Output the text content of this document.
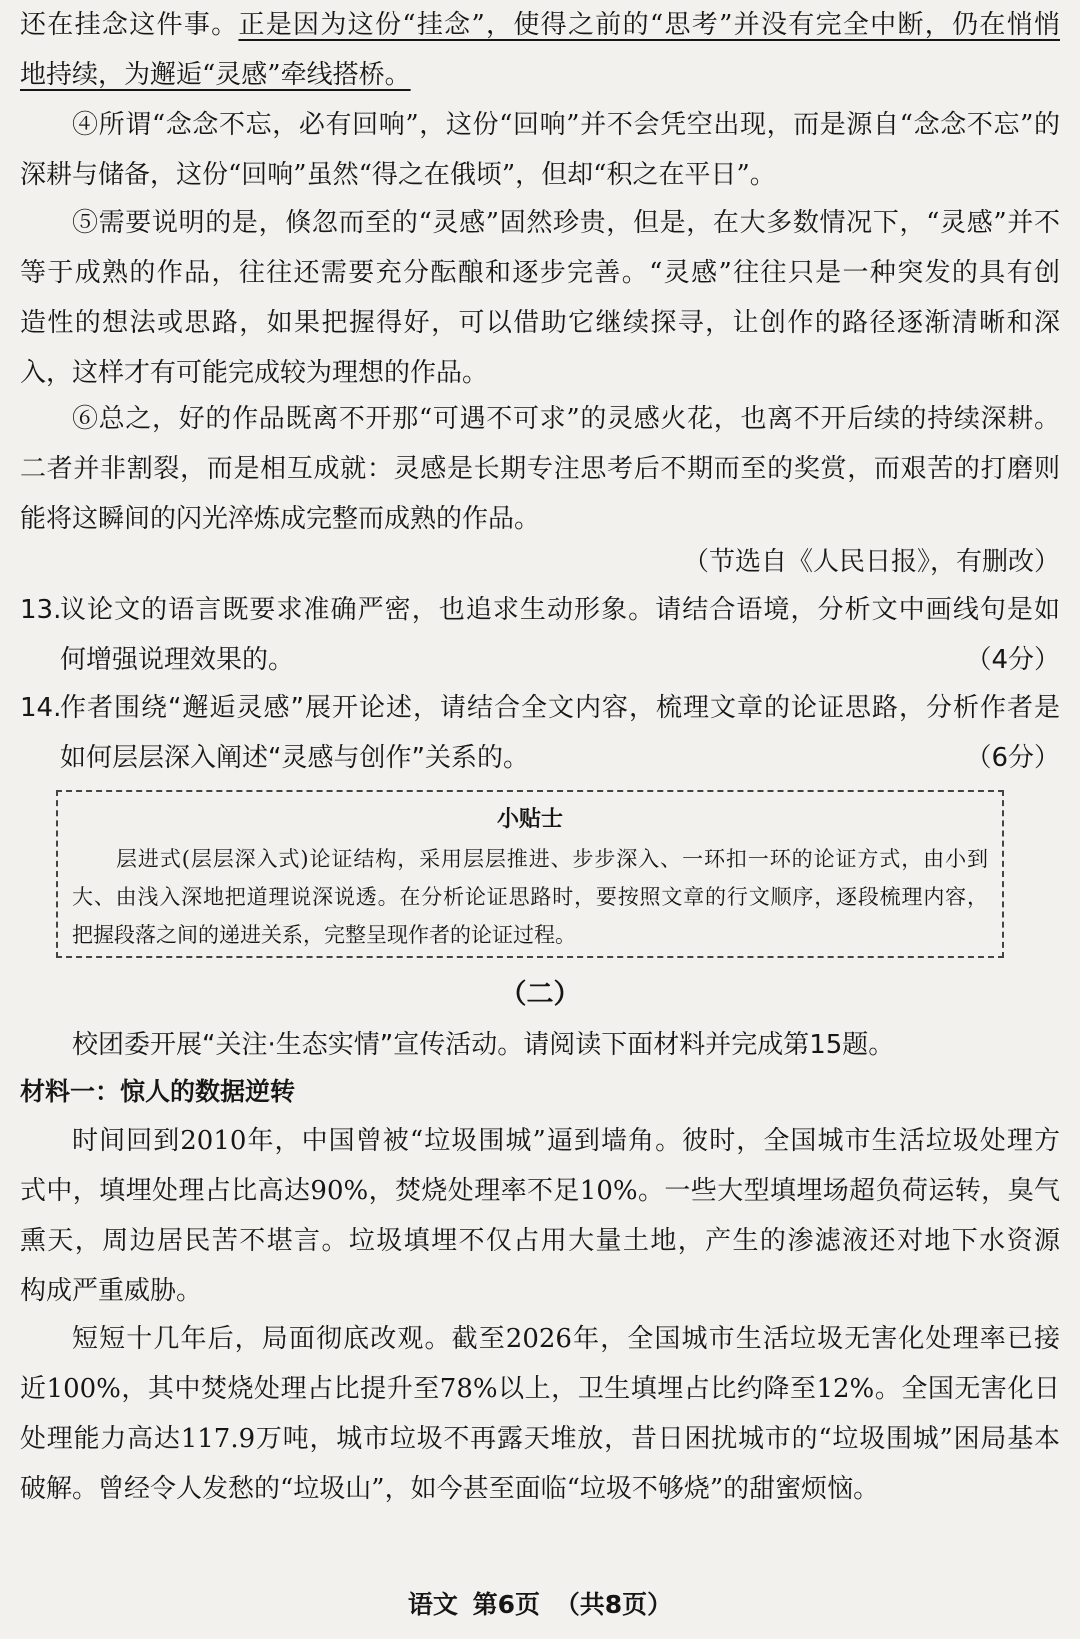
还在挂念这件事。正是因为这份“挂念”，使得之前的“思考”并没有完全中断，仍在悄悄
地持续，为邂逅“灵感”牵线搭桥。
④所谓“念念不忘，必有回响”，这份“回响”并不会凭空出现，而是源自“念念不忘”的
深耕与储备，这份“回响”虽然“得之在俄顷”，但却“积之在平日”。
⑤需要说明的是，倏忽而至的“灵感”固然珍贵，但是，在大多数情况下，“灵感”并不
等于成熟的作品，往往还需要充分酝酿和逐步完善。“灵感”往往只是一种突发的具有创
造性的想法或思路，如果把握得好，可以借助它继续探寻，让创作的路径逐渐清晰和深
入，这样才有可能完成较为理想的作品。
⑥总之，好的作品既离不开那“可遇不可求”的灵感火花，也离不开后续的持续深耕。
二者并非割裂，而是相互成就：灵感是长期专注思考后不期而至的奖赏，而艰苦的打磨则
能将这瞬间的闪光淬炼成完整而成熟的作品。
（节选自《人民日报》，有删改）
13.
议论文的语言既要求准确严密，也追求生动形象。请结合语境，分析文中画线句是如
何增强说理效果的。	（4分）
14.
作者围绕“邂逅灵感”展开论述，请结合全文内容，梳理文章的论证思路，分析作者是
如何层层深入阐述“灵感与创作”关系的。	（6分）
小贴士
层进式(层层深入式)论证结构，采用层层推进、步步深入、一环扣一环的论证方式，由小到
大、由浅入深地把道理说深说透。在分析论证思路时，要按照文章的行文顺序，逐段梳理内容，
把握段落之间的递进关系，完整呈现作者的论证过程。
（二）
校团委开展“关注·生态实情”宣传活动。请阅读下面材料并完成第15题。
材料一：惊人的数据逆转
时间回到2010年，中国曾被“垃圾围城”逼到墙角。彼时，全国城市生活垃圾处理方
式中，填埋处理占比高达90%，焚烧处理率不足10%。一些大型填埋场超负荷运转，臭气
熏天，周边居民苦不堪言。垃圾填埋不仅占用大量土地，产生的渗滤液还对地下水资源
构成严重威胁。
短短十几年后，局面彻底改观。截至2026年，全国城市生活垃圾无害化处理率已接
近100%，其中焚烧处理占比提升至78%以上，卫生填埋占比约降至12%。全国无害化日
处理能力高达117.9万吨，城市垃圾不再露天堆放，昔日困扰城市的“垃圾围城”困局基本
破解。曾经令人发愁的“垃圾山”，如今甚至面临“垃圾不够烧”的甜蜜烦恼。
语文 第6页 （共8页）
